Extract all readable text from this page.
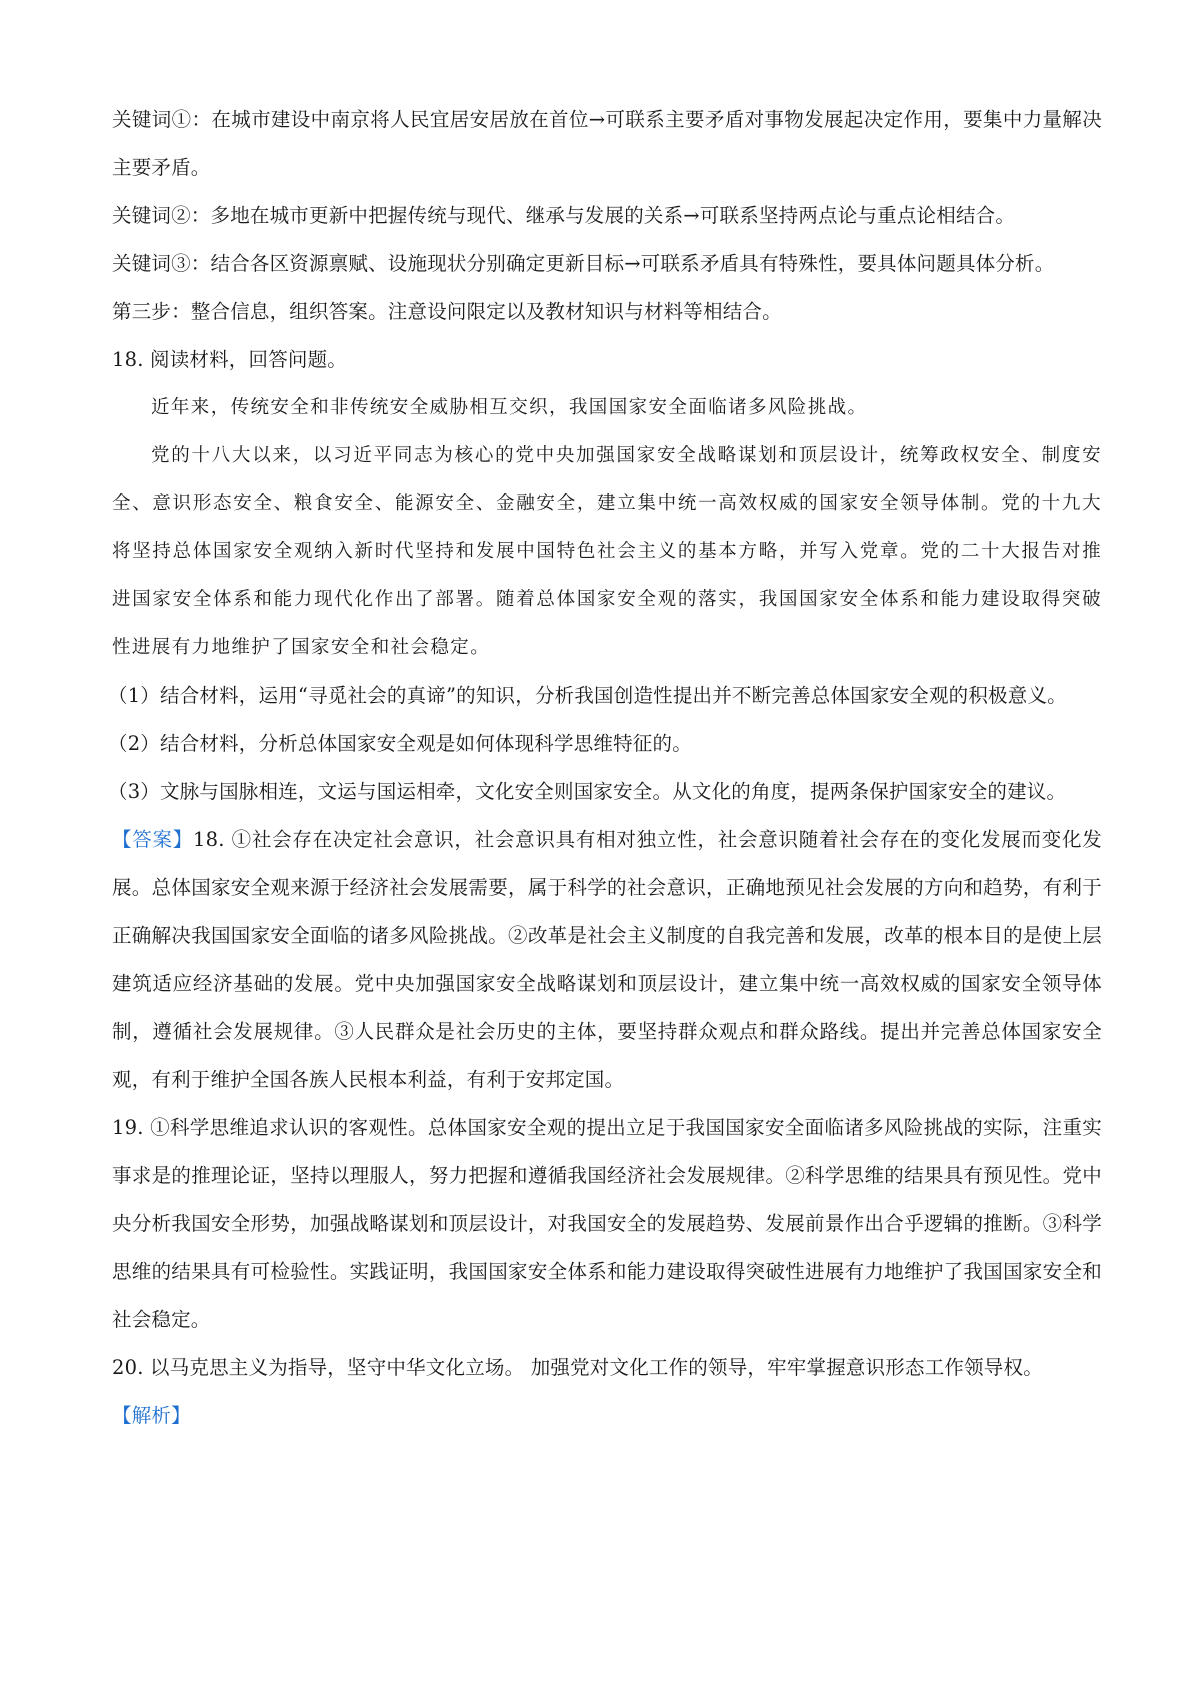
关键词①：在城市建设中南京将人民宜居安居放在首位→可联系主要矛盾对事物发展起决定作用，要集中力量解决主要矛盾。

关键词②：多地在城市更新中把握传统与现代、继承与发展的关系→可联系坚持两点论与重点论相结合。

关键词③：结合各区资源禀赋、设施现状分别确定更新目标→可联系矛盾具有特殊性，要具体问题具体分析。

第三步：整合信息，组织答案。注意设问限定以及教材知识与材料等相结合。

18. 阅读材料，回答问题。

近年来，传统安全和非传统安全威胁相互交织，我国国家安全面临诸多风险挑战。

党的十八大以来，以习近平同志为核心的党中央加强国家安全战略谋划和顶层设计，统筹政权安全、制度安全、意识形态安全、粮食安全、能源安全、金融安全，建立集中统一高效权威的国家安全领导体制。党的十九大将坚持总体国家安全观纳入新时代坚持和发展中国特色社会主义的基本方略，并写入党章。党的二十大报告对推进国家安全体系和能力现代化作出了部署。随着总体国家安全观的落实，我国国家安全体系和能力建设取得突破性进展有力地维护了国家安全和社会稳定。

（1）结合材料，运用“寻觅社会的真谛”的知识，分析我国创造性提出并不断完善总体国家安全观的积极意义。

（2）结合材料，分析总体国家安全观是如何体现科学思维特征的。

（3）文脉与国脉相连，文运与国运相牵，文化安全则国家安全。从文化的角度，提两条保护国家安全的建议。

【答案】18. ①社会存在决定社会意识，社会意识具有相对独立性，社会意识随着社会存在的变化发展而变化发展。总体国家安全观来源于经济社会发展需要，属于科学的社会意识，正确地预见社会发展的方向和趋势，有利于正确解决我国国家安全面临的诸多风险挑战。②改革是社会主义制度的自我完善和发展，改革的根本目的是使上层建筑适应经济基础的发展。党中央加强国家安全战略谋划和顶层设计，建立集中统一高效权威的国家安全领导体制，遵循社会发展规律。③人民群众是社会历史的主体，要坚持群众观点和群众路线。提出并完善总体国家安全观，有利于维护全国各族人民根本利益，有利于安邦定国。

19. ①科学思维追求认识的客观性。总体国家安全观的提出立足于我国国家安全面临诸多风险挑战的实际，注重实事求是的推理论证，坚持以理服人，努力把握和遵循我国经济社会发展规律。②科学思维的结果具有预见性。党中央分析我国安全形势，加强战略谋划和顶层设计，对我国安全的发展趋势、发展前景作出合乎逻辑的推断。③科学思维的结果具有可检验性。实践证明，我国国家安全体系和能力建设取得突破性进展有力地维护了我国国家安全和社会稳定。

20. 以马克思主义为指导，坚守中华文化立场。 加强党对文化工作的领导，牢牢掌握意识形态工作领导权。

【解析】
